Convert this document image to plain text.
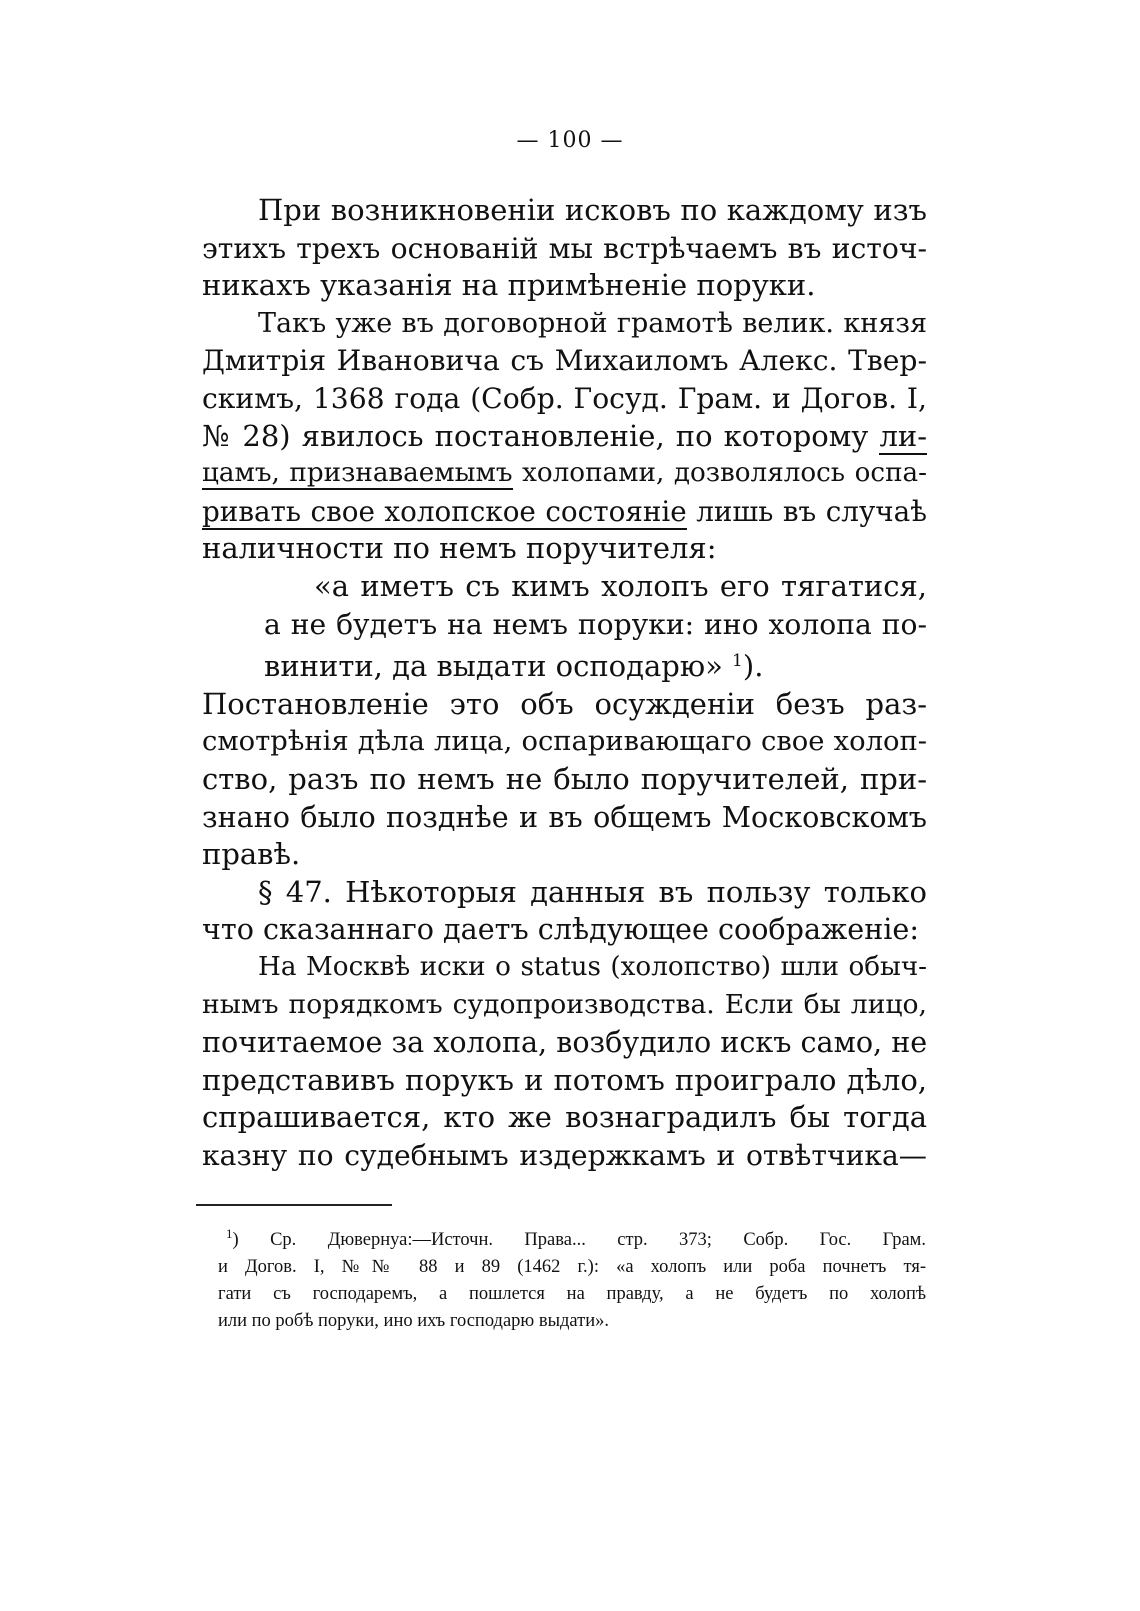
— 100 —
При возникновеніи исковъ по каждому изъ
этихъ трехъ основаній мы встрѣчаемъ въ источ-
никахъ указанія на примѣненіе поруки.
Такъ уже въ договорной грамотѣ велик. князя
Дмитрія Ивановича съ Михаиломъ Алекс. Твер-
скимъ, 1368 года (Собр. Госуд. Грам. и Догов. I,
№ 28) явилось постановленіе, по которому ли-
цамъ, признаваемымъ холопами, дозволялось оспа-
ривать свое холопское состояніе лишь въ случаѣ
наличности по немъ поручителя:
«а иметъ съ кимъ холопъ его тягатися,
а не будетъ на немъ поруки: ино холопа по-
винити, да выдати осподарю» $^1$).
Постановленіе это объ осужденіи безъ раз-
смотрѣнія дѣла лица, оспаривающаго свое холоп-
ство, разъ по немъ не было поручителей, при-
знано было позднѣе и въ общемъ Московскомъ
правѣ.
§ 47. Нѣкоторыя данныя въ пользу только
что сказаннаго даетъ слѣдующее соображеніе:
На Москвѣ иски о status (холопство) шли обыч-
нымъ порядкомъ судопроизводства. Если бы лицо,
почитаемое за холопа, возбудило искъ само, не
представивъ порукъ и потомъ проиграло дѣло,
спрашивается, кто же вознаградилъ бы тогда
казну по судебнымъ издержкамъ и отвѣтчика—
$^1$) Ср. Дювернуа:—Источн. Права... стр. 373; Собр. Гос. Грам.
и Догов. I, №№ 88 и 89 (1462 г.): «а холопъ или роба почнетъ тя-
гати съ господаремъ, а пошлется на правду, а не будетъ по холопѣ
или по робѣ поруки, ино ихъ господарю выдати».
